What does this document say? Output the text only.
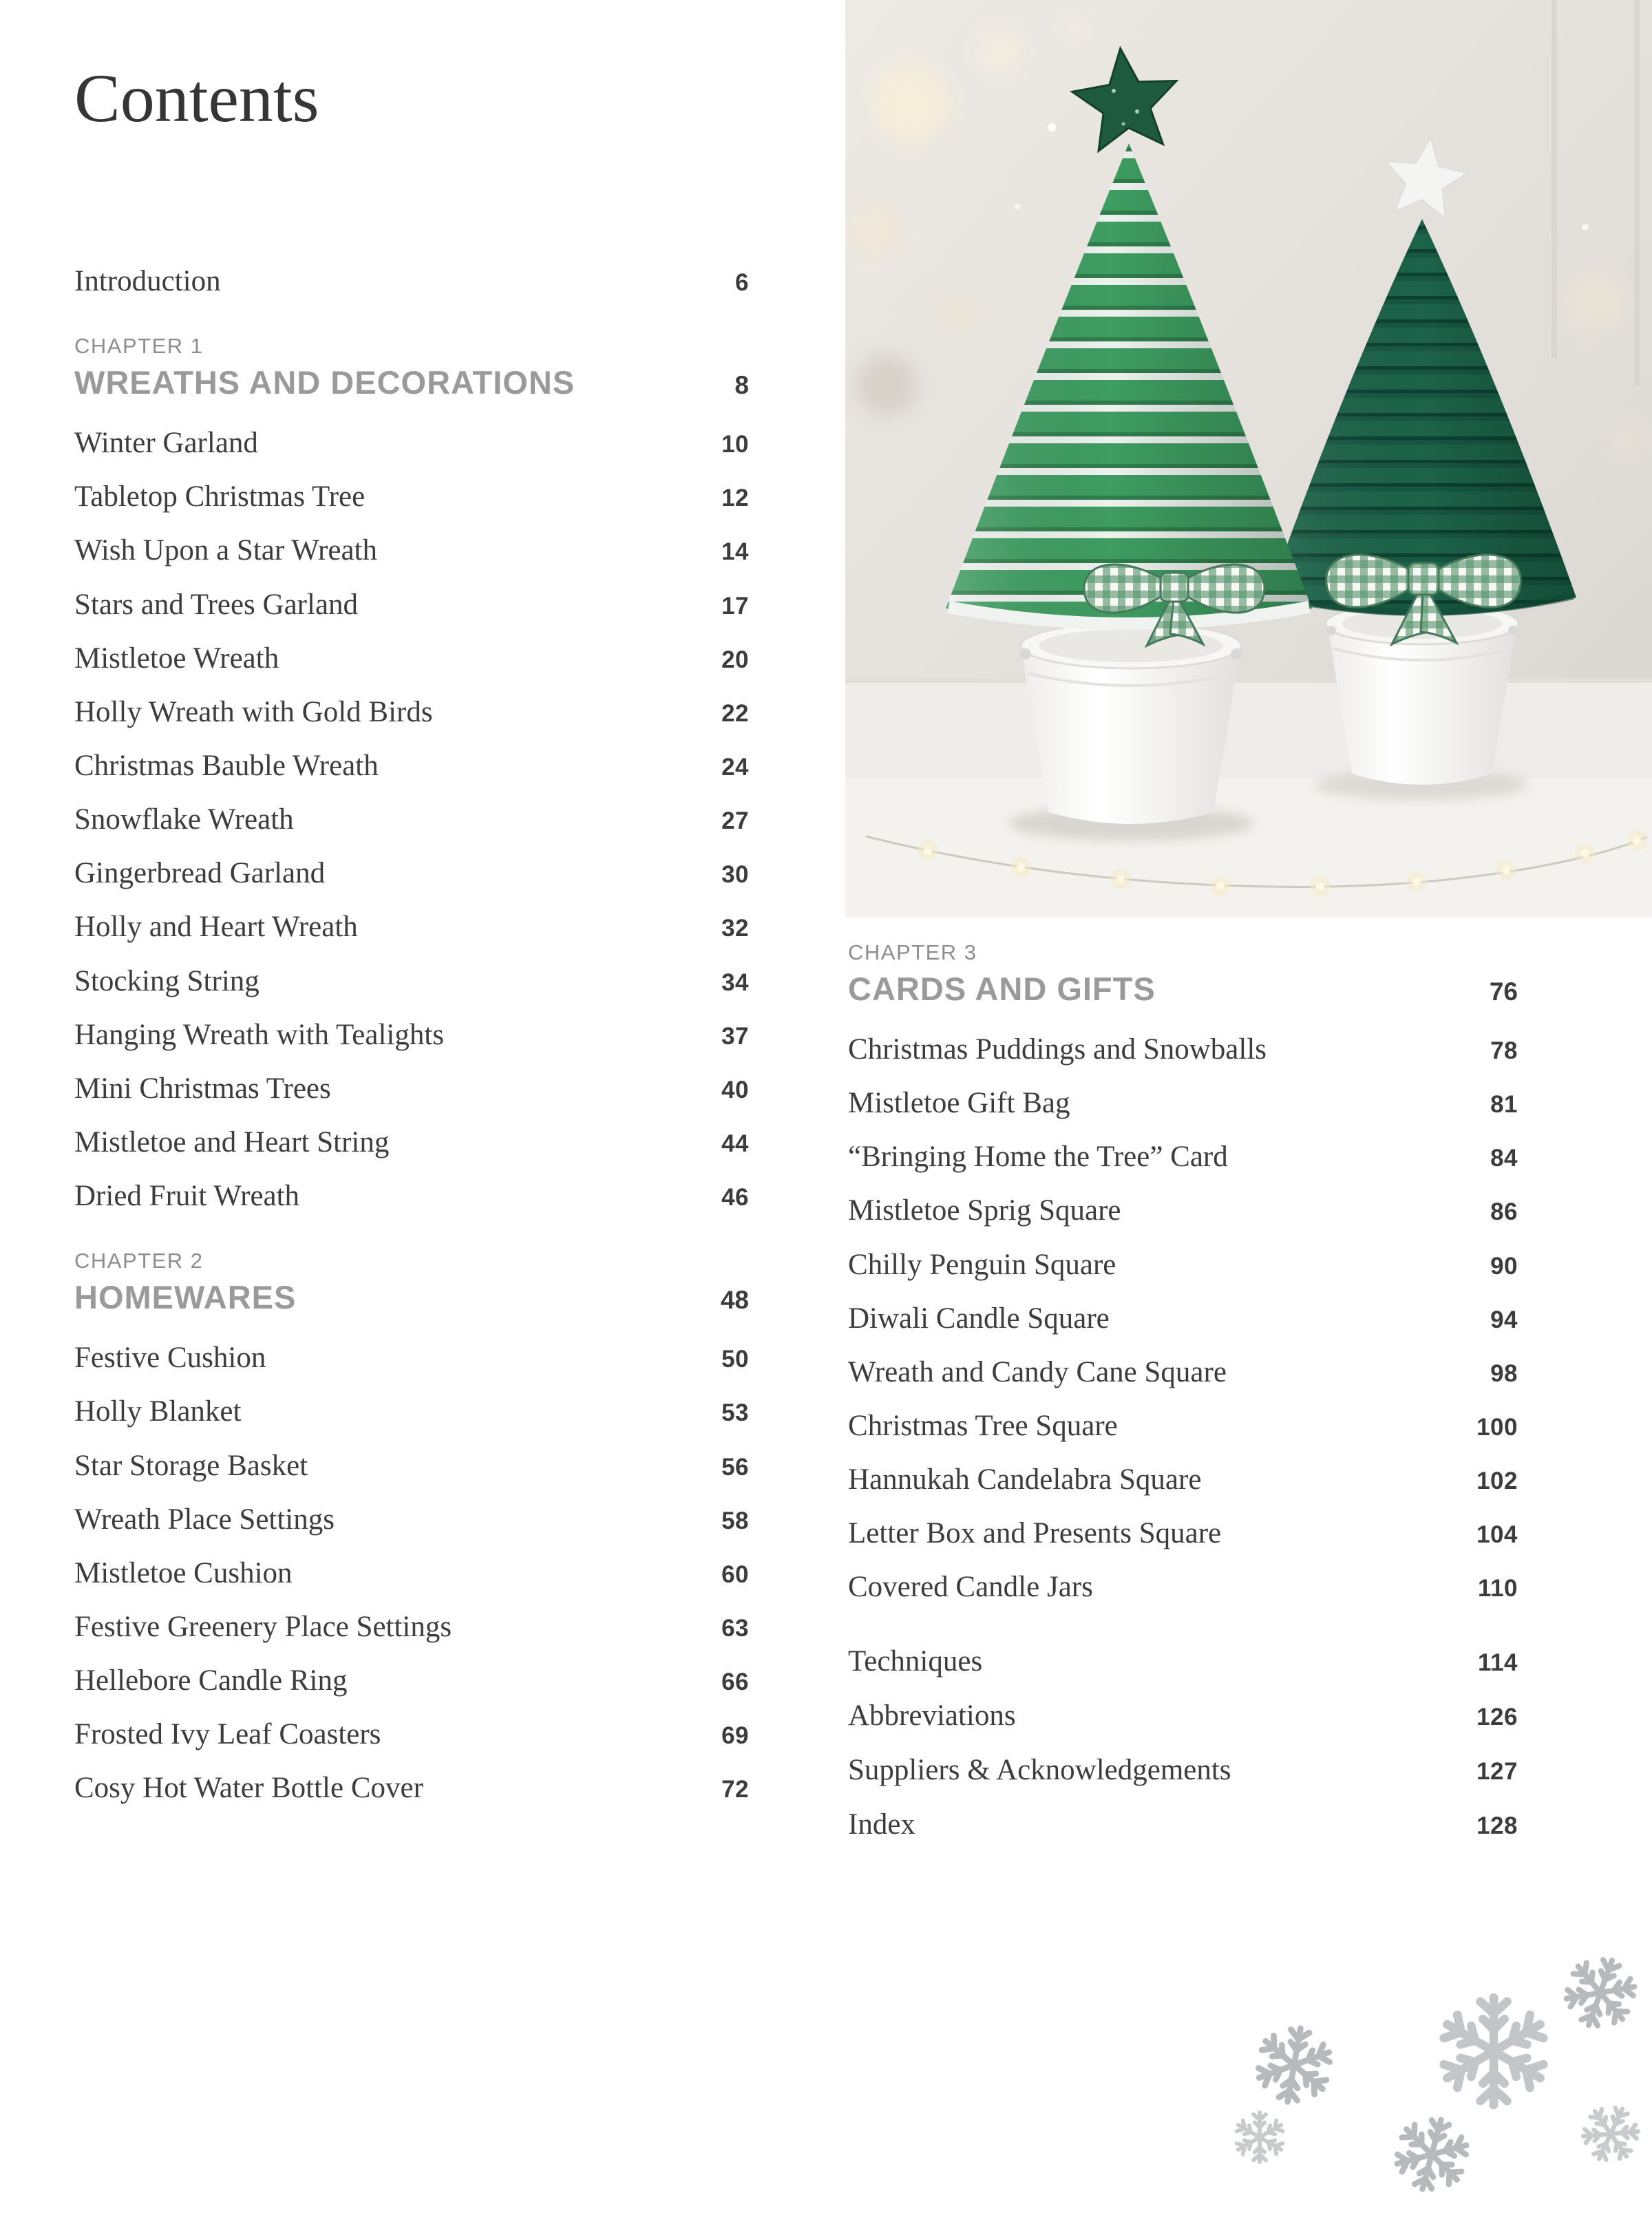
Contents
Introduction	6
CHAPTER 1
WREATHS AND DECORATIONS	8
Winter Garland	10
Tabletop Christmas Tree	12
Wish Upon a Star Wreath	14
Stars and Trees Garland	17
Mistletoe Wreath	20
Holly Wreath with Gold Birds	22
Christmas Bauble Wreath	24
Snowflake Wreath	27
Gingerbread Garland	30
Holly and Heart Wreath	32
Stocking String	34
Hanging Wreath with Tealights	37
Mini Christmas Trees	40
Mistletoe and Heart String	44
Dried Fruit Wreath	46
CHAPTER 2
HOMEWARES	48
Festive Cushion	50
Holly Blanket	53
Star Storage Basket	56
Wreath Place Settings	58
Mistletoe Cushion	60
Festive Greenery Place Settings	63
Hellebore Candle Ring	66
Frosted Ivy Leaf Coasters	69
Cosy Hot Water Bottle Cover	72
CHAPTER 3
CARDS AND GIFTS	76
Christmas Puddings and Snowballs	78
Mistletoe Gift Bag	81
“Bringing Home the Tree” Card	84
Mistletoe Sprig Square	86
Chilly Penguin Square	90
Diwali Candle Square	94
Wreath and Candy Cane Square	98
Christmas Tree Square	100
Hannukah Candelabra Square	102
Letter Box and Presents Square	104
Covered Candle Jars	110
Techniques	114
Abbreviations	126
Suppliers & Acknowledgements	127
Index	128
